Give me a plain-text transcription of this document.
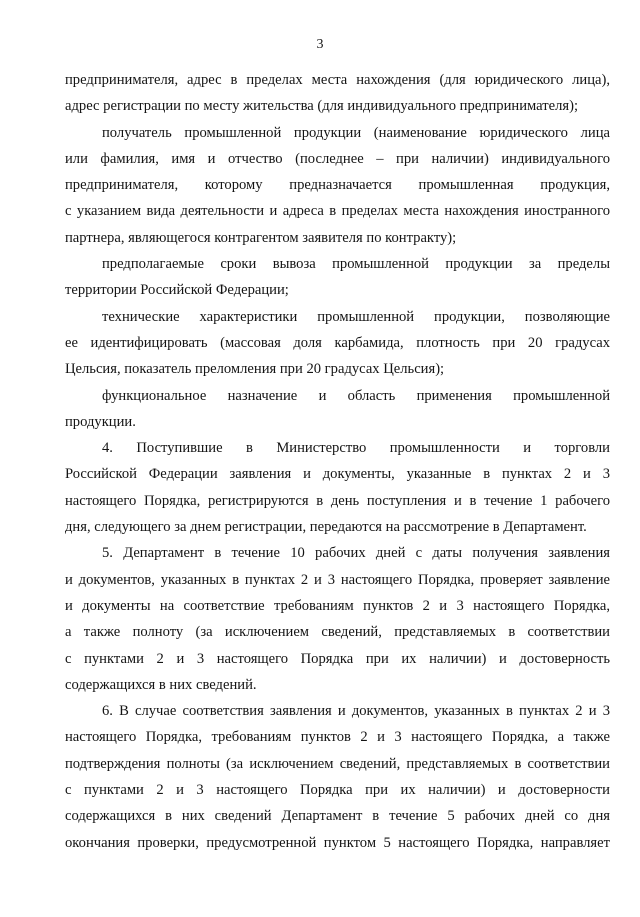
3
предпринимателя, адрес в пределах места нахождения (для юридического лица),
адрес регистрации по месту жительства (для индивидуального предпринимателя);
получатель промышленной продукции (наименование юридического лица
или фамилия, имя и отчество (последнее – при наличии) индивидуального
предпринимателя, которому предназначается промышленная продукция,
с указанием вида деятельности и адреса в пределах места нахождения иностранного
партнера, являющегося контрагентом заявителя по контракту);
предполагаемые сроки вывоза промышленной продукции за пределы
территории Российской Федерации;
технические характеристики промышленной продукции, позволяющие
ее идентифицировать (массовая доля карбамида, плотность при 20 градусах
Цельсия, показатель преломления при 20 градусах Цельсия);
функциональное назначение и область применения промышленной
продукции.
4. Поступившие в Министерство промышленности и торговли
Российской Федерации заявления и документы, указанные в пунктах 2 и 3
настоящего Порядка, регистрируются в день поступления и в течение 1 рабочего
дня, следующего за днем регистрации, передаются на рассмотрение в Департамент.
5. Департамент в течение 10 рабочих дней с даты получения заявления
и документов, указанных в пунктах 2 и 3 настоящего Порядка, проверяет заявление
и документы на соответствие требованиям пунктов 2 и 3 настоящего Порядка,
а также полноту (за исключением сведений, представляемых в соответствии
с пунктами 2 и 3 настоящего Порядка при их наличии) и достоверность
содержащихся в них сведений.
6. В случае соответствия заявления и документов, указанных в пунктах 2 и 3
настоящего Порядка, требованиям пунктов 2 и 3 настоящего Порядка, а также
подтверждения полноты (за исключением сведений, представляемых в соответствии
с пунктами 2 и 3 настоящего Порядка при их наличии) и достоверности
содержащихся в них сведений Департамент в течение 5 рабочих дней со дня
окончания проверки, предусмотренной пунктом 5 настоящего Порядка, направляет
